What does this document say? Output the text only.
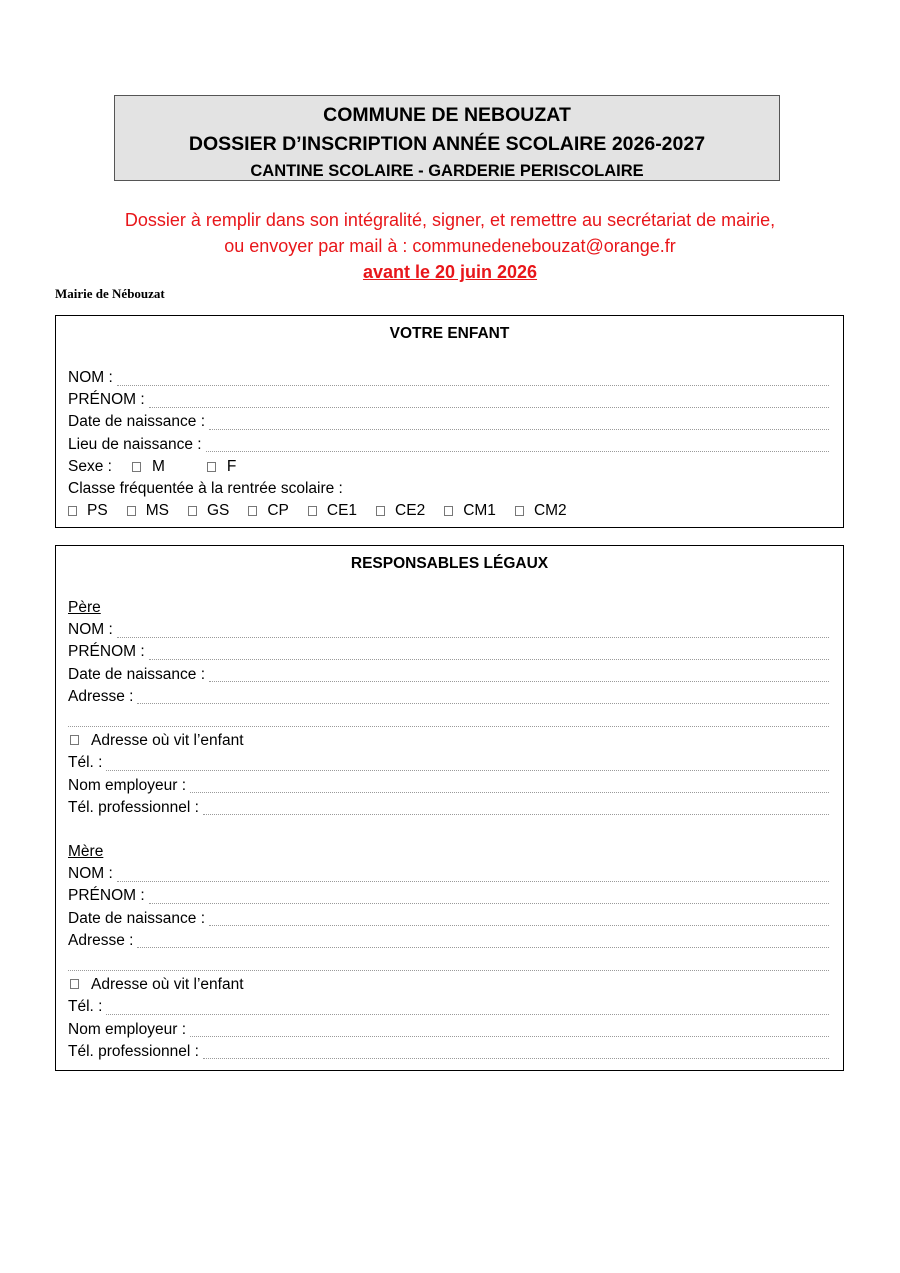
COMMUNE DE NEBOUZAT
DOSSIER D’INSCRIPTION ANNÉE SCOLAIRE 2026-2027
CANTINE SCOLAIRE - GARDERIE PERISCOLAIRE
Dossier à remplir dans son intégralité, signer, et remettre au secrétariat de mairie,
ou envoyer par mail à : communedenebouzat@orange.fr
avant le 20 juin 2026
Mairie de Nébouzat
VOTRE ENFANT
NOM :
PRÉNOM :
Date de naissance :
Lieu de naissance :
Sexe :	M	F
Classe fréquentée à la rentrée scolaire :
PS	MS	GS	CP	CE1	CE2	CM1	CM2
RESPONSABLES LÉGAUX
Père
NOM :
PRÉNOM :
Date de naissance :
Adresse :
Adresse où vit l’enfant
Tél. :
Nom employeur :
Tél. professionnel :
Mère
NOM :
PRÉNOM :
Date de naissance :
Adresse :
Adresse où vit l’enfant
Tél. :
Nom employeur :
Tél. professionnel :
